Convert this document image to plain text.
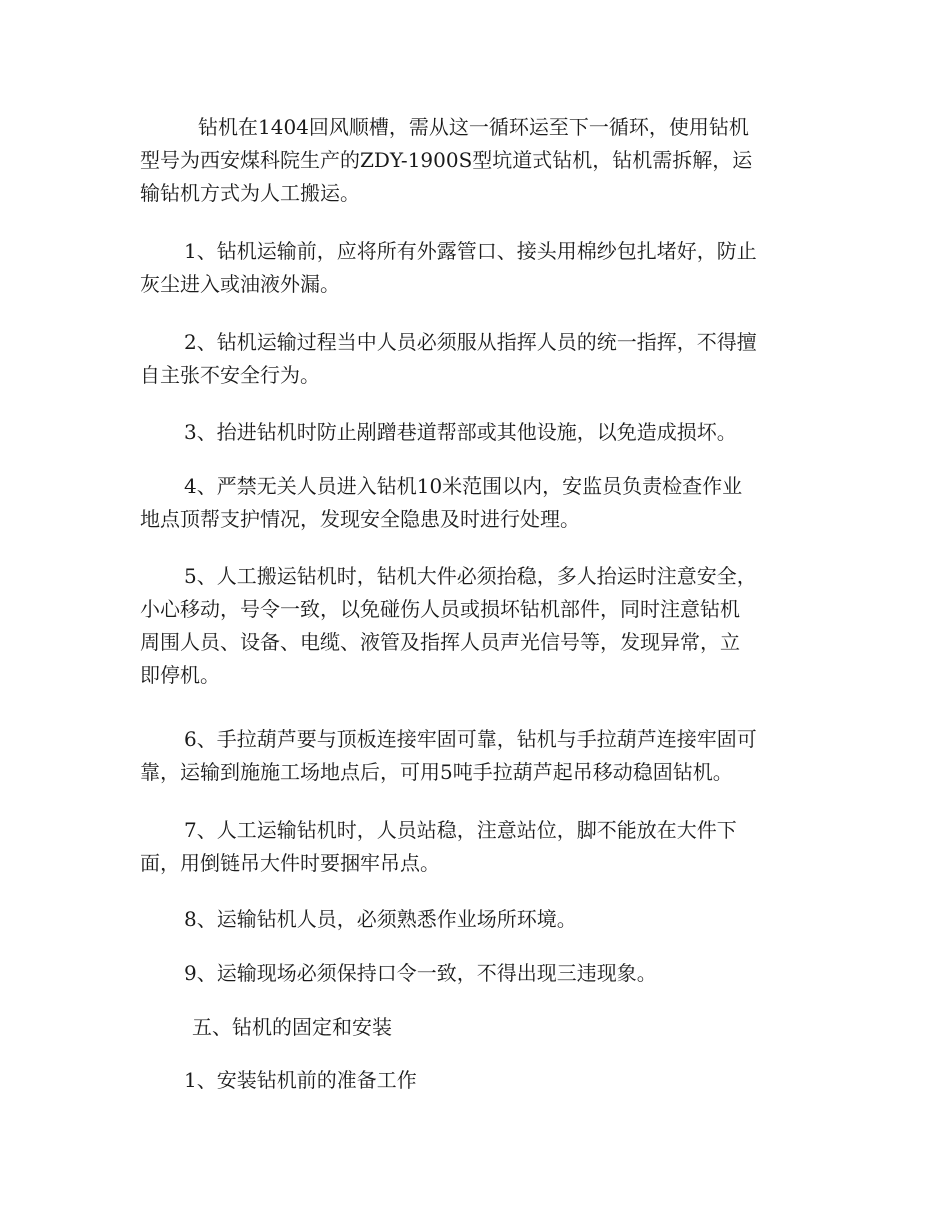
钻机在1404回风顺槽，需从这一循环运至下一循环，使用钻机
型号为西安煤科院生产的ZDY-1900S型坑道式钻机，钻机需拆解，运
输钻机方式为人工搬运。
1、钻机运输前，应将所有外露管口、接头用棉纱包扎堵好，防止
灰尘进入或油液外漏。
2、钻机运输过程当中人员必须服从指挥人员的统一指挥，不得擅
自主张不安全行为。
3、抬进钻机时防止剐蹭巷道帮部或其他设施，以免造成损坏。
4、严禁无关人员进入钻机10米范围以内，安监员负责检查作业
地点顶帮支护情况，发现安全隐患及时进行处理。
5、人工搬运钻机时，钻机大件必须抬稳，多人抬运时注意安全，
小心移动，号令一致，以免碰伤人员或损坏钻机部件，同时注意钻机
周围人员、设备、电缆、液管及指挥人员声光信号等，发现异常，立
即停机。
6、手拉葫芦要与顶板连接牢固可靠，钻机与手拉葫芦连接牢固可
靠，运输到施施工场地点后，可用5吨手拉葫芦起吊移动稳固钻机。
7、人工运输钻机时，人员站稳，注意站位，脚不能放在大件下
面，用倒链吊大件时要捆牢吊点。
8、运输钻机人员，必须熟悉作业场所环境。
9、运输现场必须保持口令一致，不得出现三违现象。
五、钻机的固定和安装
1、安装钻机前的准备工作
